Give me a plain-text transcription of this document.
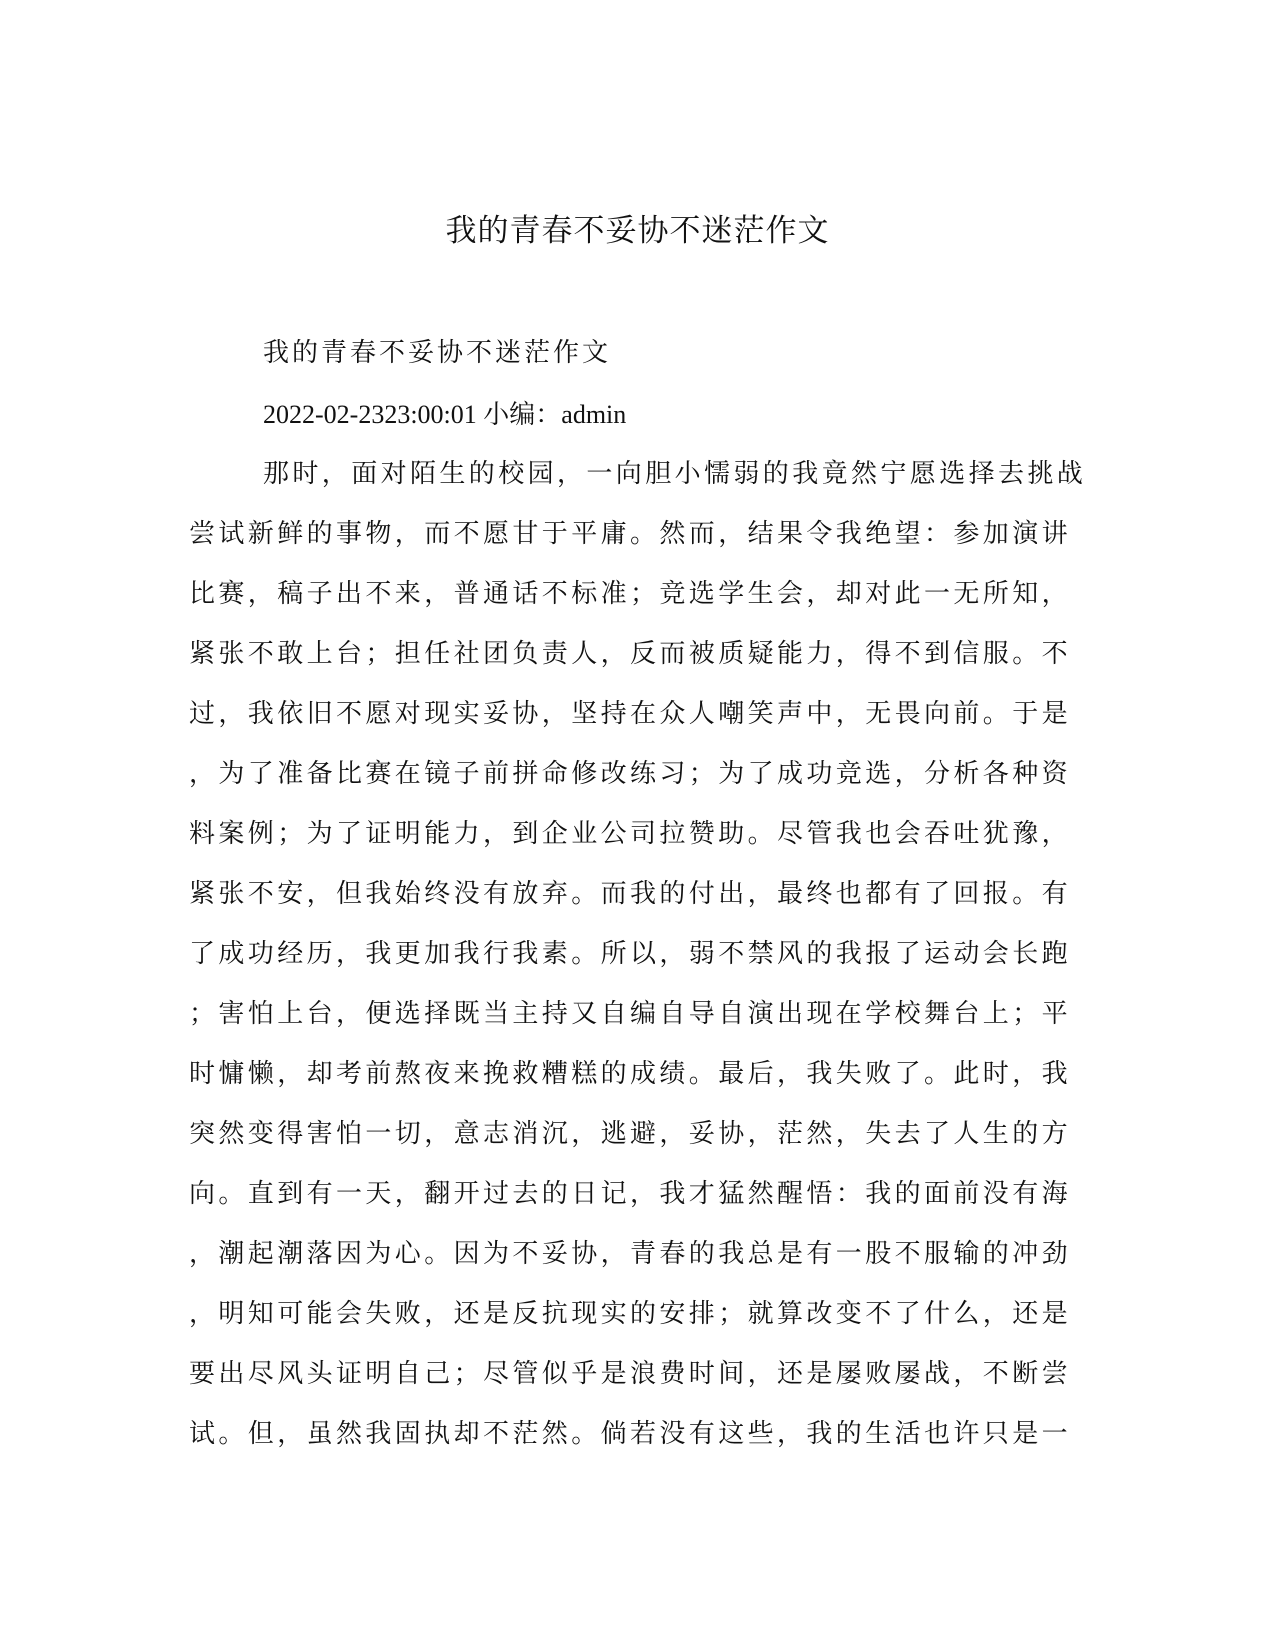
我的青春不妥协不迷茫作文

我的青春不妥协不迷茫作文

2022-02-2323:00:01 小编：admin

那时，面对陌生的校园，一向胆小懦弱的我竟然宁愿选择去挑战
尝试新鲜的事物，而不愿甘于平庸。然而，结果令我绝望：参加演讲
比赛，稿子出不来，普通话不标准；竞选学生会，却对此一无所知，
紧张不敢上台；担任社团负责人，反而被质疑能力，得不到信服。不
过，我依旧不愿对现实妥协，坚持在众人嘲笑声中，无畏向前。于是
，为了准备比赛在镜子前拼命修改练习；为了成功竞选，分析各种资
料案例；为了证明能力，到企业公司拉赞助。尽管我也会吞吐犹豫，
紧张不安，但我始终没有放弃。而我的付出，最终也都有了回报。有
了成功经历，我更加我行我素。所以，弱不禁风的我报了运动会长跑
；害怕上台，便选择既当主持又自编自导自演出现在学校舞台上；平
时慵懒，却考前熬夜来挽救糟糕的成绩。最后，我失败了。此时，我
突然变得害怕一切，意志消沉，逃避，妥协，茫然，失去了人生的方
向。直到有一天，翻开过去的日记，我才猛然醒悟：我的面前没有海
，潮起潮落因为心。因为不妥协，青春的我总是有一股不服输的冲劲
，明知可能会失败，还是反抗现实的安排；就算改变不了什么，还是
要出尽风头证明自己；尽管似乎是浪费时间，还是屡败屡战，不断尝
试。但，虽然我固执却不茫然。倘若没有这些，我的生活也许只是一
